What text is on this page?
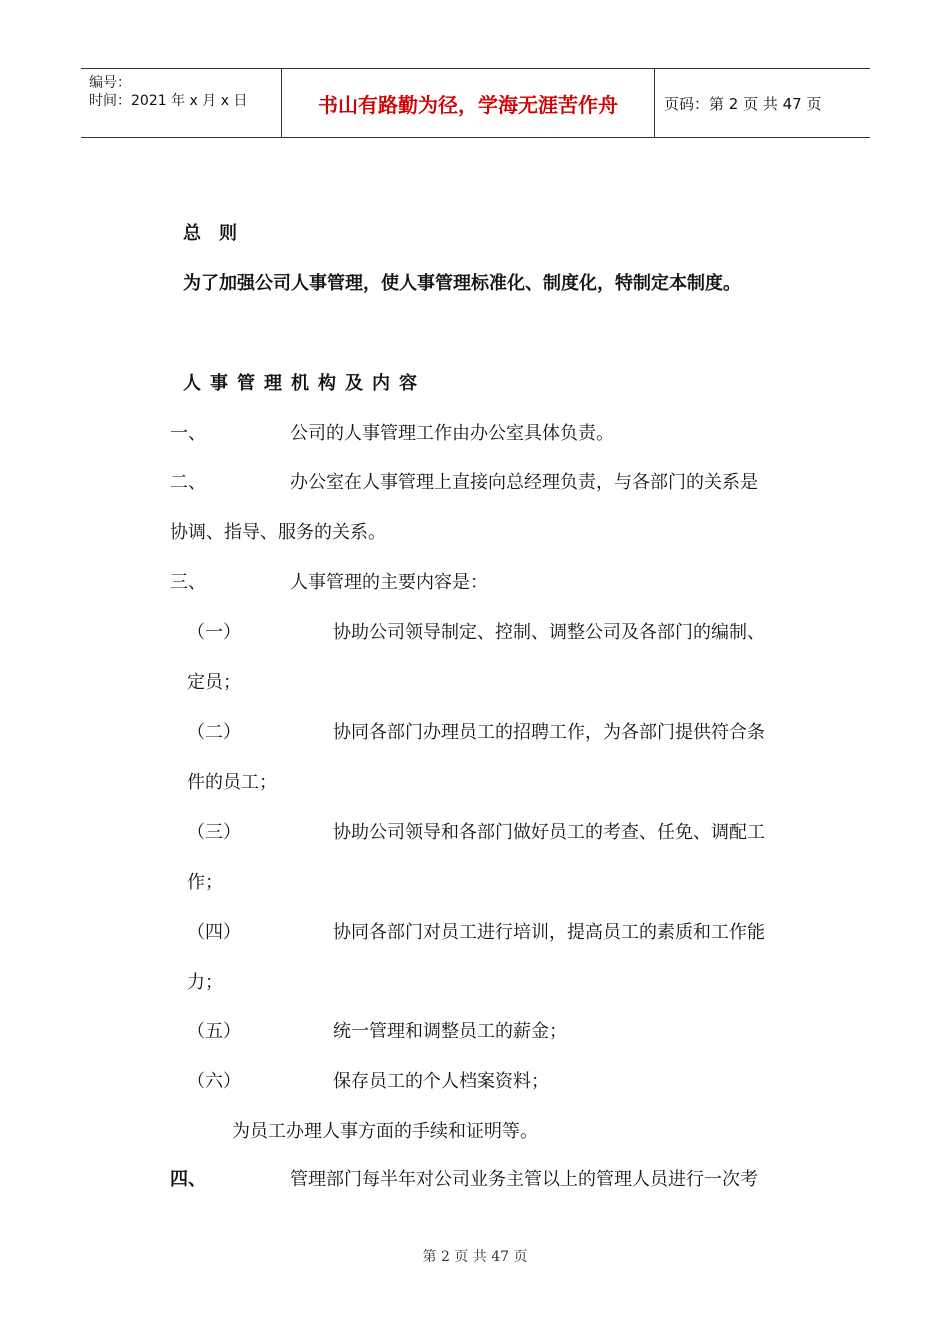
编号：
时间：2021 年 x 月 x 日	书山有路勤为径，学海无涯苦作舟	页码：第 2 页 共 47 页
总　则
为了加强公司人事管理，使人事管理标准化、制度化，特制定本制度。
人事管理机构及内容
一、	公司的人事管理工作由办公室具体负责。
二、	办公室在人事管理上直接向总经理负责，与各部门的关系是
协调、指导、服务的关系。
三、	人事管理的主要内容是：
（一）	协助公司领导制定、控制、调整公司及各部门的编制、
定员；
（二）	协同各部门办理员工的招聘工作，为各部门提供符合条
件的员工；
（三）	协助公司领导和各部门做好员工的考查、任免、调配工
作；
（四）	协同各部门对员工进行培训，提高员工的素质和工作能
力；
（五）	统一管理和调整员工的薪金；
（六）	保存员工的个人档案资料；
为员工办理人事方面的手续和证明等。
四、	管理部门每半年对公司业务主管以上的管理人员进行一次考
第 2 页 共 47 页
